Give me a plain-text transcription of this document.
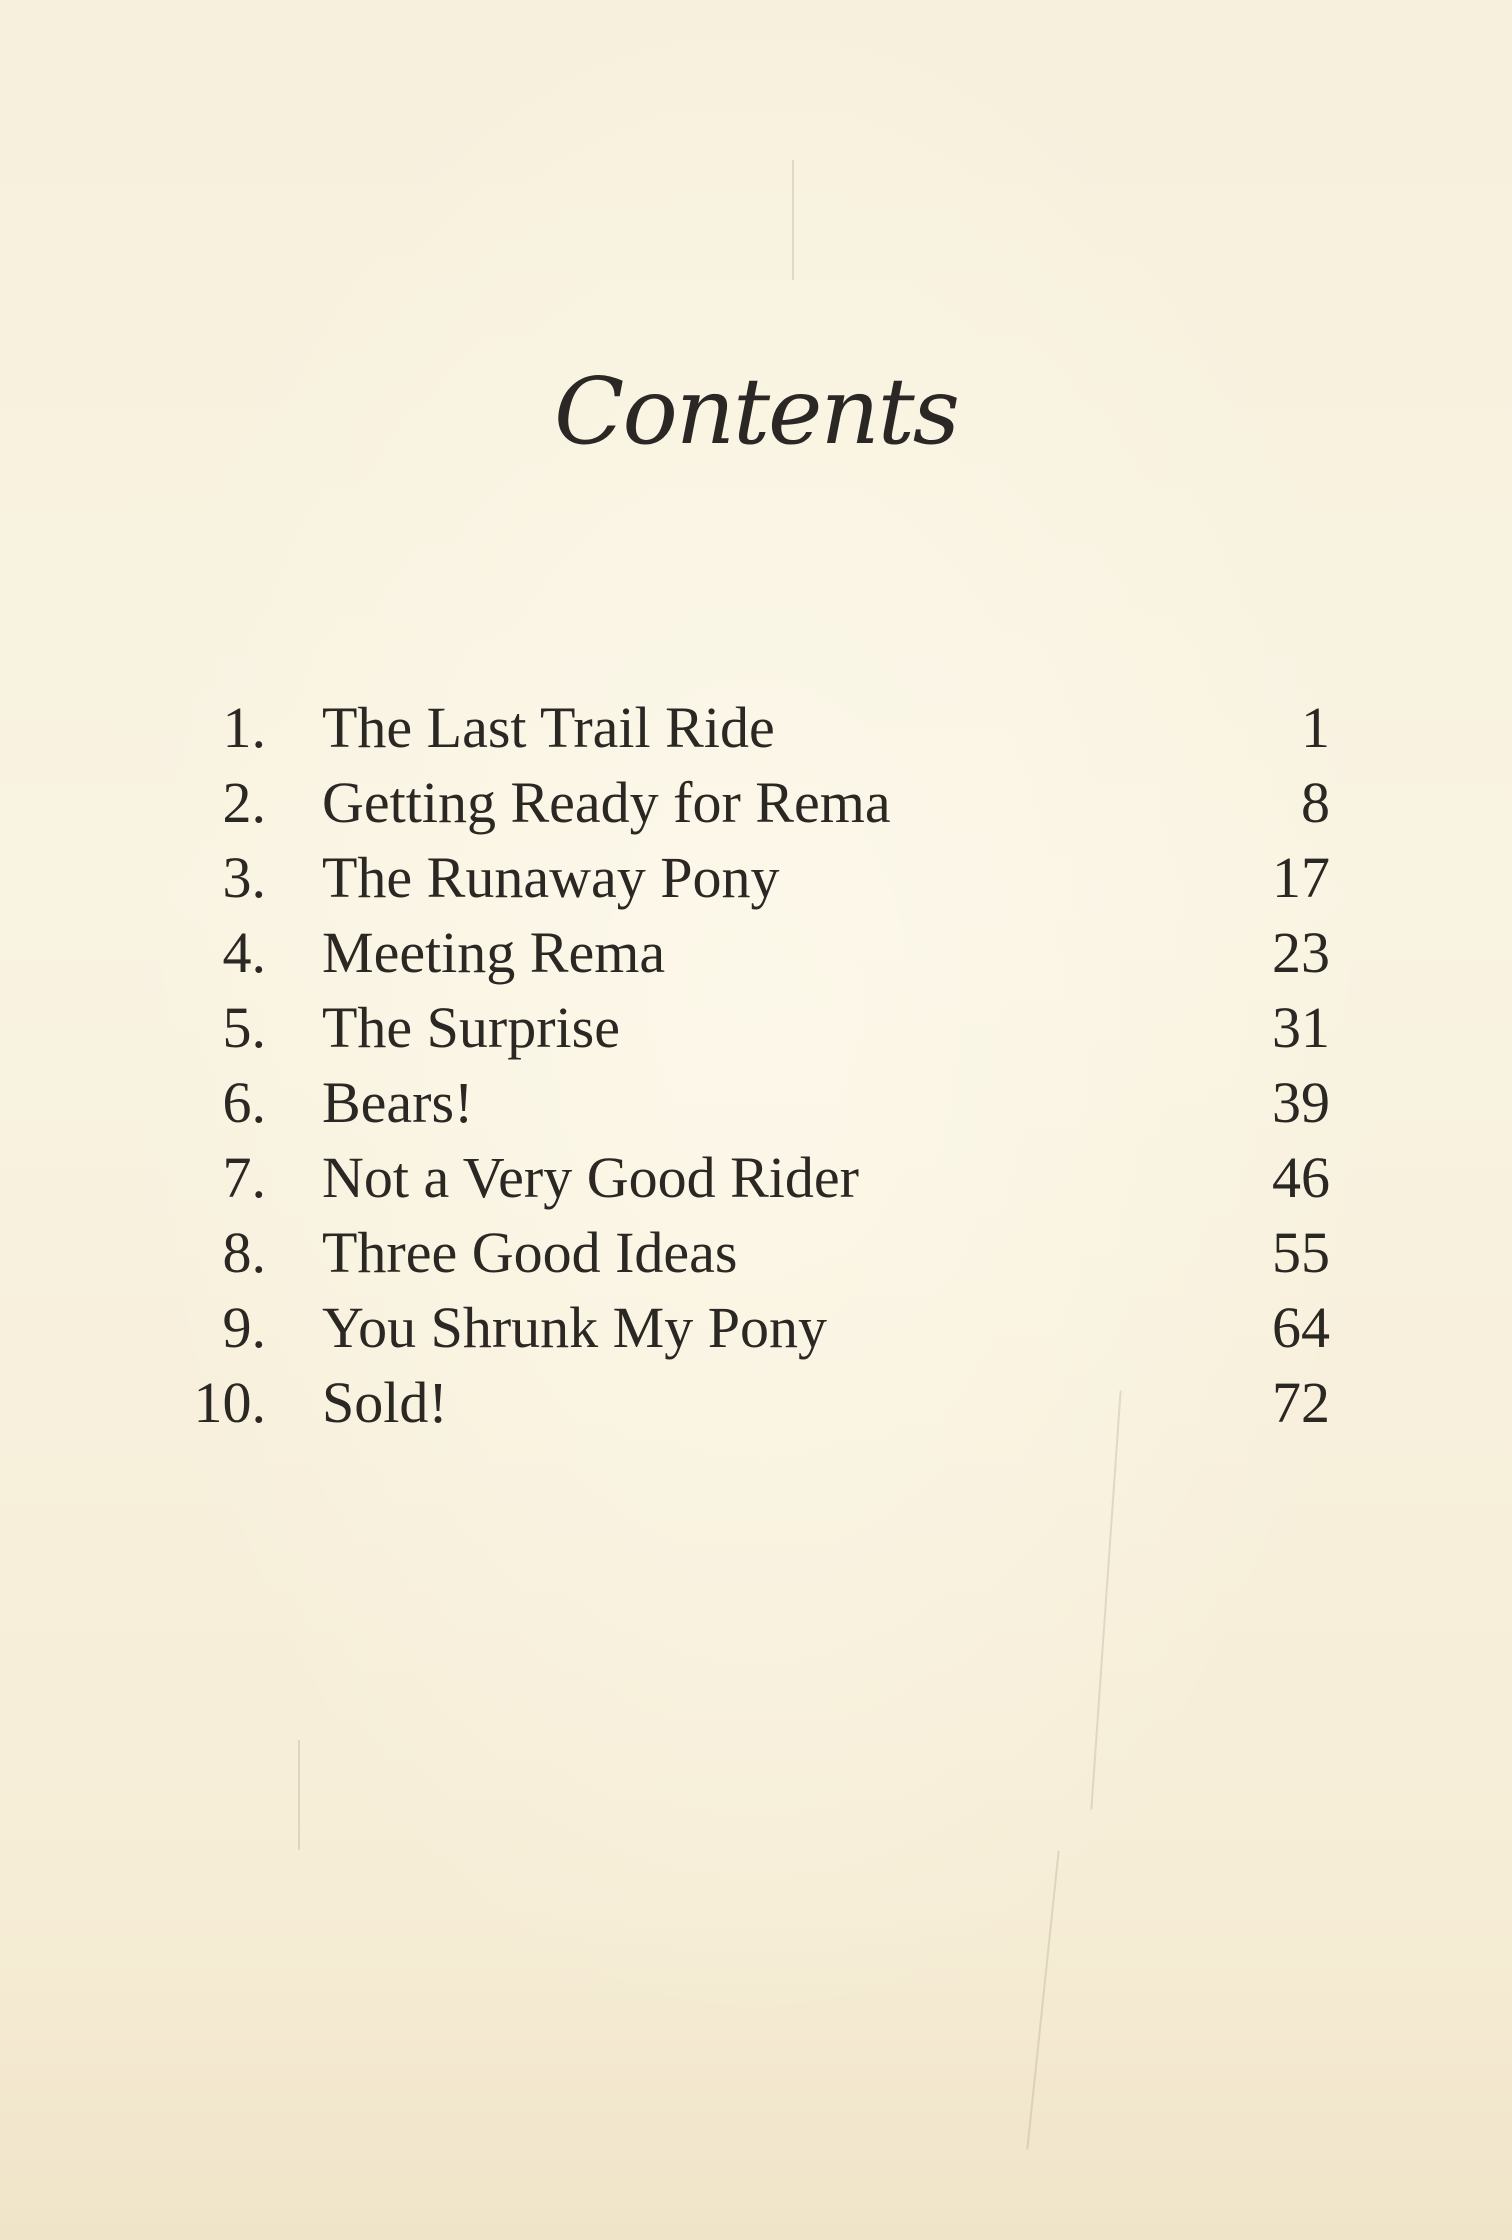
Contents
1. The Last Trail Ride	1
2. Getting Ready for Rema	8
3. The Runaway Pony	17
4. Meeting Rema	23
5. The Surprise	31
6. Bears!	39
7. Not a Very Good Rider	46
8. Three Good Ideas	55
9. You Shrunk My Pony	64
10. Sold!	72
